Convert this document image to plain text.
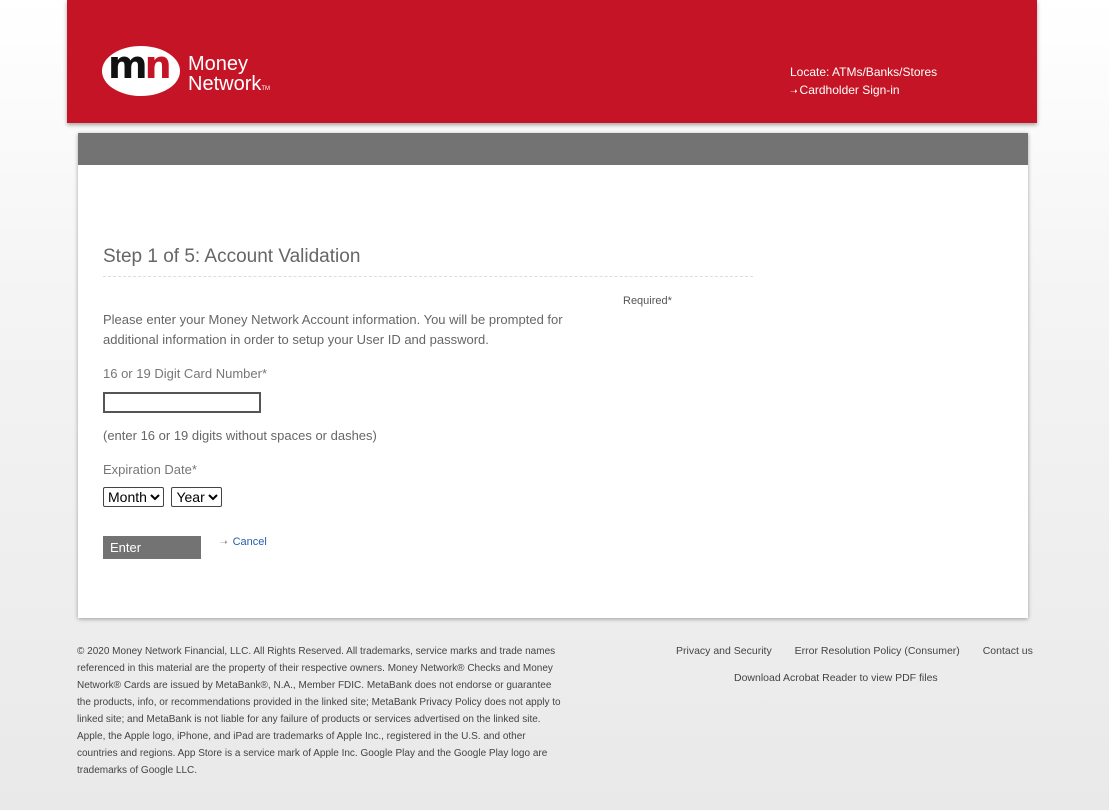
mn Money
NetworkTM
Locate: ATMs/Banks/Stores
➝ Cardholder Sign-in
Step 1 of 5: Account Validation
Required*
Please enter your Money Network Account information. You will be prompted for additional information in order to setup your User ID and password.
16 or 19 Digit Card Number*
(enter 16 or 19 digits without spaces or dashes)
Expiration Date*
Month
Year
Enter	➝ Cancel
© 2020 Money Network Financial, LLC. All Rights Reserved. All trademarks, service marks and trade names referenced in this material are the property of their respective owners. Money Network® Checks and Money Network® Cards are issued by MetaBank®, N.A., Member FDIC. MetaBank does not endorse or guarantee the products, info, or recommendations provided in the linked site; MetaBank Privacy Policy does not apply to linked site; and MetaBank is not liable for any failure of products or services advertised on the linked site. Apple, the Apple logo, iPhone, and iPad are trademarks of Apple Inc., registered in the U.S. and other countries and regions. App Store is a service mark of Apple Inc. Google Play and the Google Play logo are trademarks of Google LLC.
Privacy and Security Error Resolution Policy (Consumer) Contact us
Download Acrobat Reader to view PDF files
